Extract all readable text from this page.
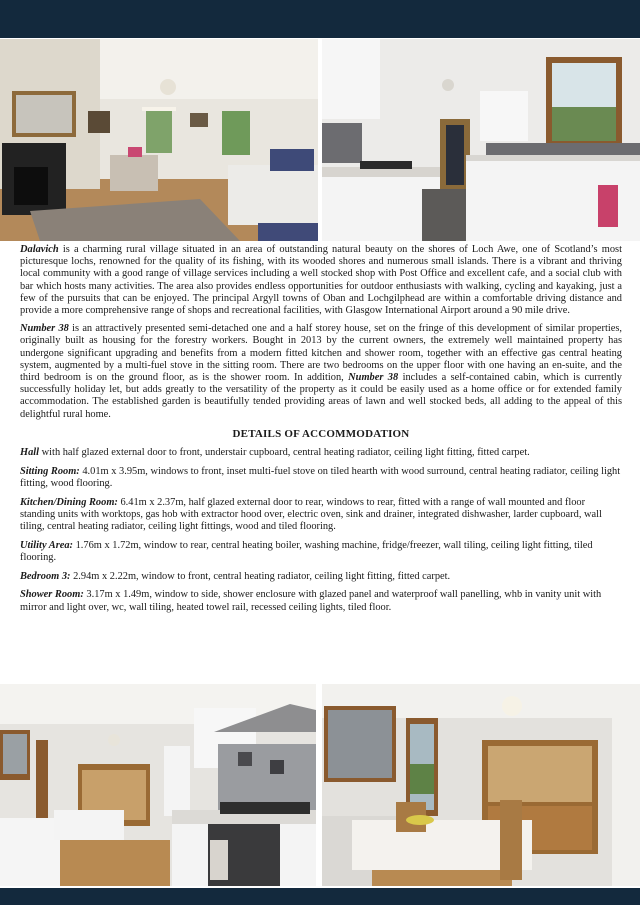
Dalavich is a charming rural village situated in an area of outstanding natural beauty on the shores of Loch Awe, one of Scotland’s most picturesque lochs, renowned for the quality of its fishing, with its wooded shores and numerous small islands. There is a vibrant and thriving local community with a good range of village services including a well stocked shop with Post Office and excellent cafe, and a social club with bar which hosts many activities. The area also provides endless opportunities for outdoor enthusiasts with walking, cycling and kayaking, just a few of the pursuits that can be enjoyed. The principal Argyll towns of Oban and Lochgilphead are within a comfortable driving distance and provide a more comprehensive range of shops and recreational facilities, with Glasgow International Airport around a 90 mile drive.

Number 38 is an attractively presented semi-detached one and a half storey house, set on the fringe of this development of similar properties, originally built as housing for the forestry workers. Bought in 2013 by the current owners, the extremely well maintained property has undergone significant upgrading and benefits from a modern fitted kitchen and shower room, together with an effective gas central heating system, augmented by a multi-fuel stove in the sitting room. There are two bedrooms on the upper floor with one having an en-suite, and the third bedroom is on the ground floor, as is the shower room. In addition, Number 38 includes a self-contained cabin, which is currently successfully holiday let, but adds greatly to the versatility of the property as it could be easily used as a home office or for extended family accommodation. The established garden is beautifully tended providing areas of lawn and well stocked beds, all adding to the appeal of this delightful rural home.

DETAILS OF ACCOMMODATION

Hall with half glazed external door to front, understair cupboard, central heating radiator, ceiling light fitting, fitted carpet.

Sitting Room: 4.01m x 3.95m, windows to front, inset multi-fuel stove on tiled hearth with wood surround, central heating radiator, ceiling light fitting, wood flooring.

Kitchen/Dining Room: 6.41m x 2.37m, half glazed external door to rear, windows to rear, fitted with a range of wall mounted and floor standing units with worktops, gas hob with extractor hood over, electric oven, sink and drainer, integrated dishwasher, larder cupboard, wall tiling, central heating radiator, ceiling light fittings, wood and tiled flooring.

Utility Area: 1.76m x 1.72m, window to rear, central heating boiler, washing machine, fridge/freezer, wall tiling, ceiling light fitting, tiled flooring.

Bedroom 3: 2.94m x 2.22m, window to front, central heating radiator, ceiling light fitting, fitted carpet.

Shower Room: 3.17m x 1.49m, window to side, shower enclosure with glazed panel and waterproof wall panelling, whb in vanity unit with mirror and light over, wc, wall tiling, heated towel rail, recessed ceiling lights, tiled floor.
